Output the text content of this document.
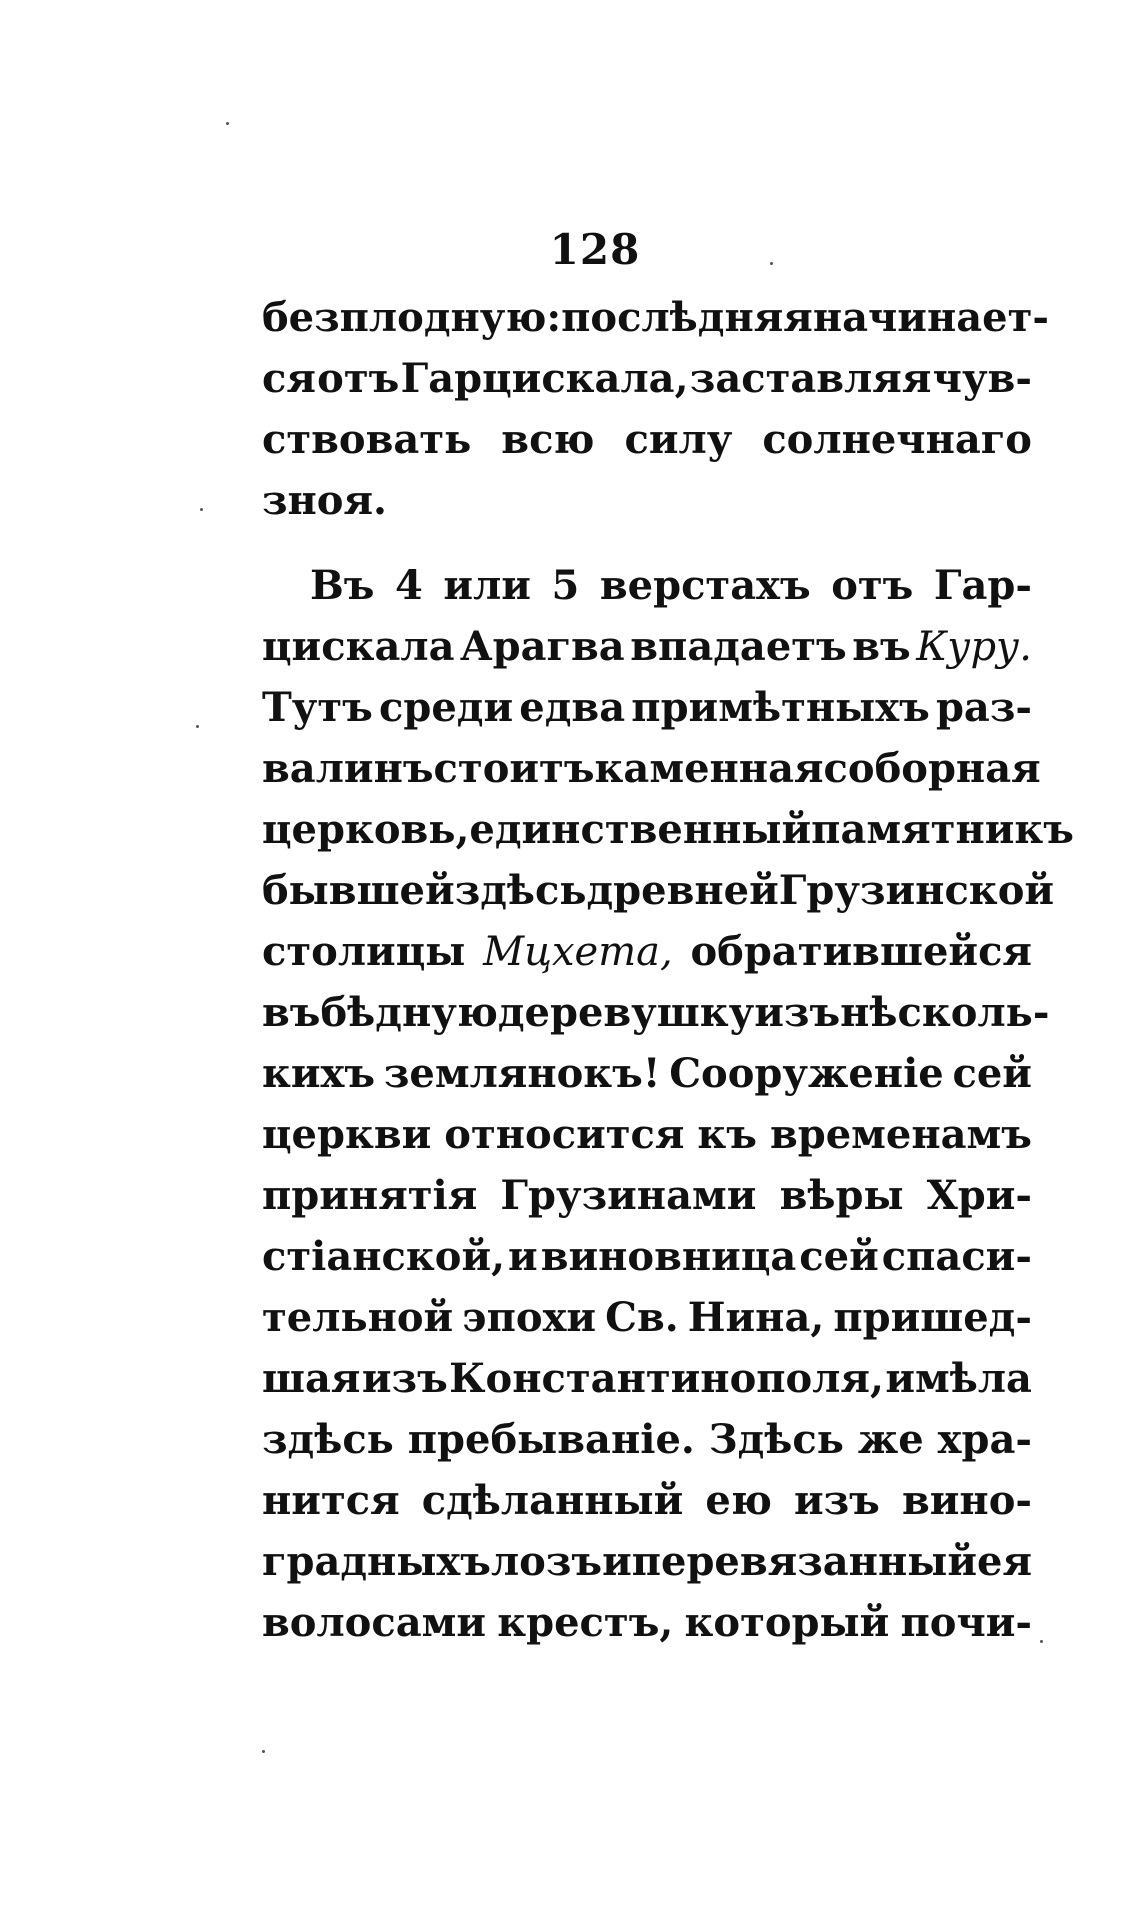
128
безплодную: послѣдняя начинает-
ся отъ Гарцискала, заставляя чув-
ствовать всю силу солнечнаго
зноя.
Въ 4 или 5 верстахъ отъ Гар-
цискала Арагва впадаетъ въ Куру.
Тутъ среди едва примѣтныхъ раз-
валинъ стоитъ каменная соборная
церковь, единственный памятникъ
бывшей здѣсь древней Грузинской
столицы Мцхета, обратившейся
въ бѣдную деревушку изъ нѣсколь-
кихъ землянокъ! Сооруженіе сей
церкви относится къ временамъ
принятія Грузинами вѣры Хри-
стіанской, и виновница сей спаси-
тельной эпохи Св. Нина, пришед-
шая изъ Константинополя, имѣла
здѣсь пребываніе. Здѣсь же хра-
нится сдѣланный ею изъ вино-
градныхъ лозъ и перевязанный ея
волосами крестъ, который почи-
